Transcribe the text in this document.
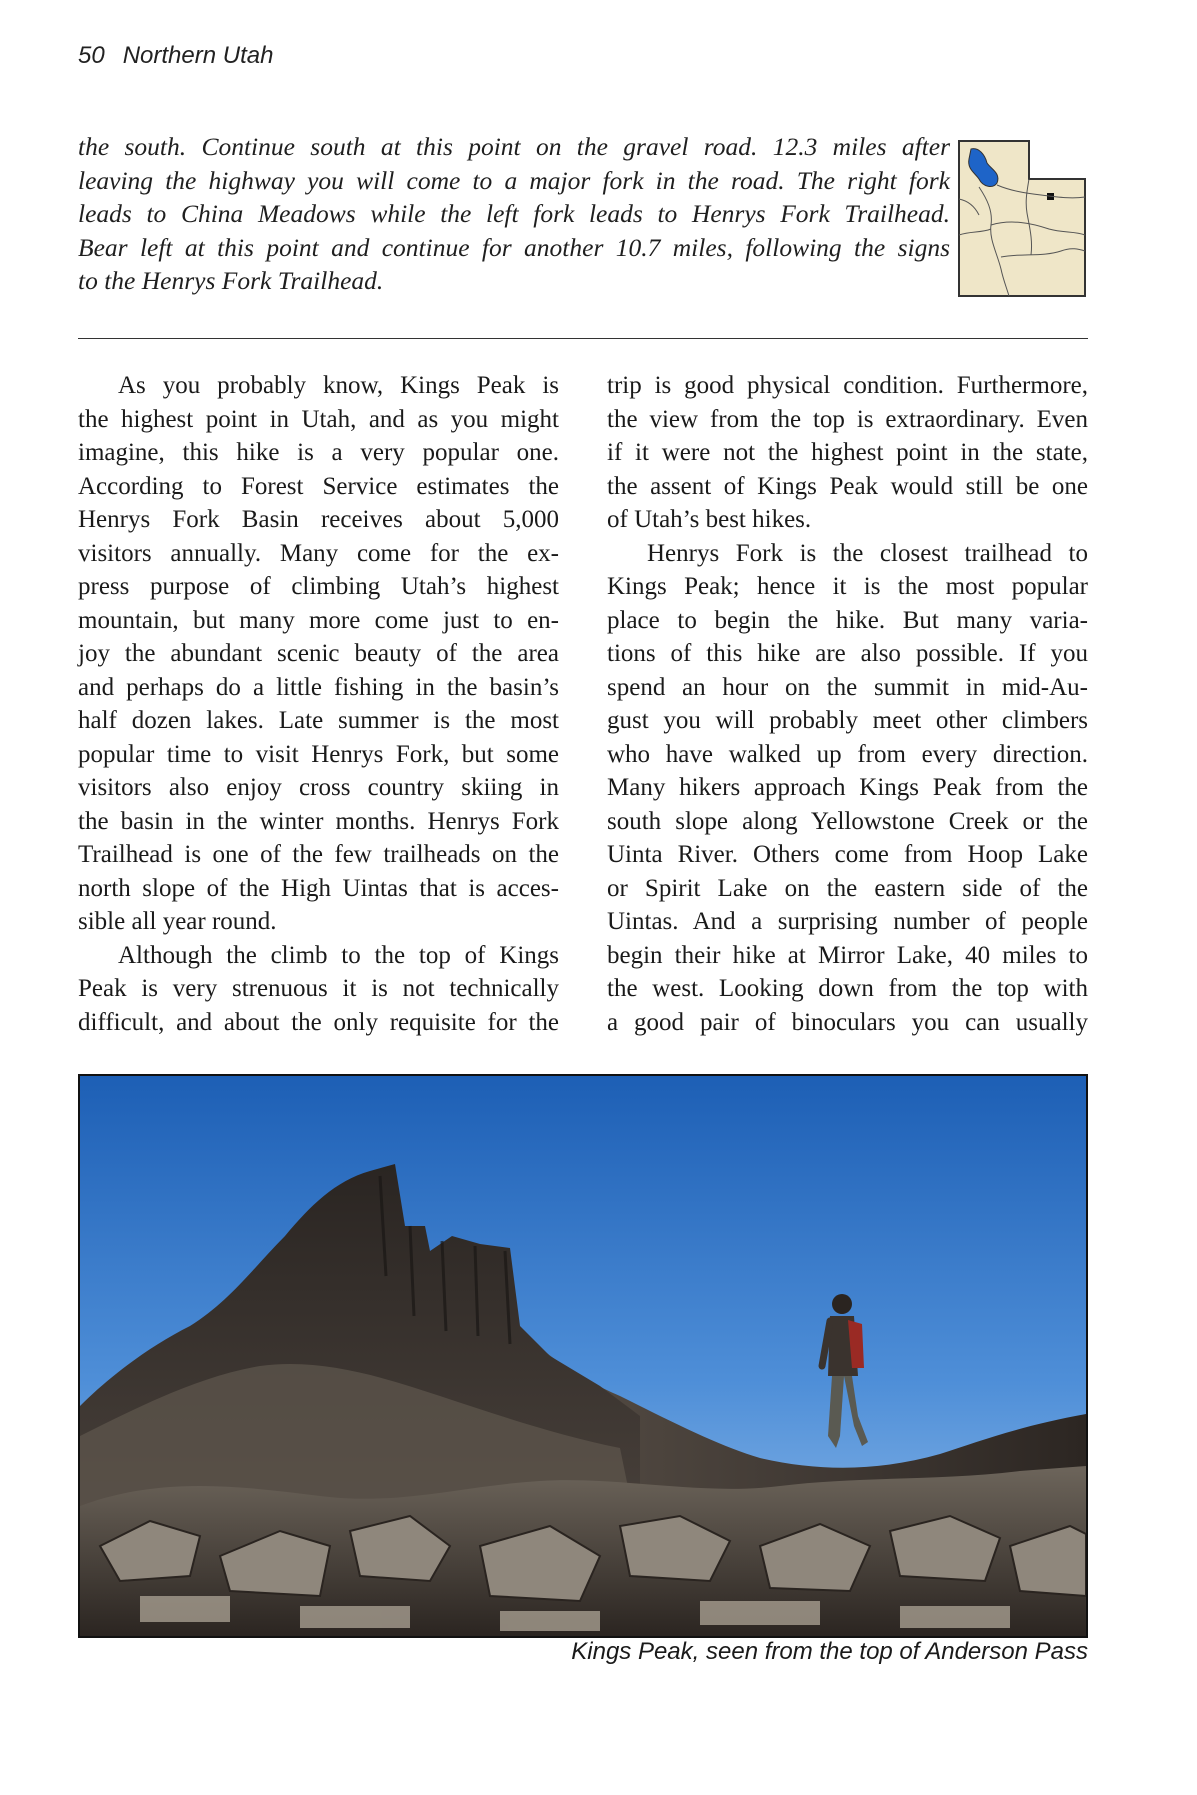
50 Northern Utah
the south. Continue south at this point on the gravel road. 12.3 miles after
leaving the highway you will come to a major fork in the road. The right fork
leads to China Meadows while the left fork leads to Henrys Fork Trailhead.
Bear left at this point and continue for another 10.7 miles, following the signs
to the Henrys Fork Trailhead.
As you probably know, Kings Peak is
the highest point in Utah, and as you might
imagine, this hike is a very popular one.
According to Forest Service estimates the
Henrys Fork Basin receives about 5,000
visitors annually. Many come for the ex-
press purpose of climbing Utah’s highest
mountain, but many more come just to en-
joy the abundant scenic beauty of the area
and perhaps do a little fishing in the basin’s
half dozen lakes. Late summer is the most
popular time to visit Henrys Fork, but some
visitors also enjoy cross country skiing in
the basin in the winter months. Henrys Fork
Trailhead is one of the few trailheads on the
north slope of the High Uintas that is acces-
sible all year round.
Although the climb to the top of Kings
Peak is very strenuous it is not technically
difficult, and about the only requisite for the
trip is good physical condition. Furthermore,
the view from the top is extraordinary. Even
if it were not the highest point in the state,
the assent of Kings Peak would still be one
of Utah’s best hikes.
Henrys Fork is the closest trailhead to
Kings Peak; hence it is the most popular
place to begin the hike. But many varia-
tions of this hike are also possible. If you
spend an hour on the summit in mid-Au-
gust you will probably meet other climbers
who have walked up from every direction.
Many hikers approach Kings Peak from the
south slope along Yellowstone Creek or the
Uinta River. Others come from Hoop Lake
or Spirit Lake on the eastern side of the
Uintas. And a surprising number of people
begin their hike at Mirror Lake, 40 miles to
the west. Looking down from the top with
a good pair of binoculars you can usually
Kings Peak, seen from the top of Anderson Pass
